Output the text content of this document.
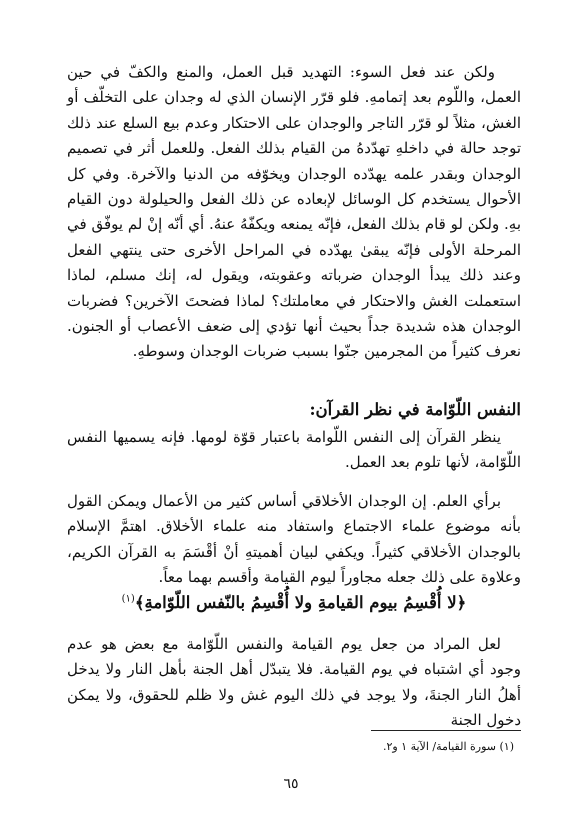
ولكن عند فعل السوء: التهديد قبل العمل، والمنع والكفّ في حين العمل، واللّوم بعد إتمامهِ. فلو قرّر الإنسان الذي له وجدان على التخلّف أو الغش، مثلاً لو قرّر التاجر والوجدان على الاحتكار وعدم بيع السلع عند ذلك توجد حالة في داخلهِ تهدّدهُ من القيام بذلك الفعل. وللعمل أثر في تصميم الوجدان وبقدر علمه يهدّده الوجدان ويخوّفه من الدنيا والآخرة. وفي كل الأحوال يستخدم كل الوسائل لإبعاده عن ذلك الفعل والحيلولة دون القيام بهِ. ولكن لو قام بذلك الفعل، فإنّه يمنعه ويكفّهُ عنهُ. أي أنّه إنْ لم يوفّق في المرحلة الأولى فإنّه يبقىٰ يهدّده في المراحل الأخرى حتى ينتهي الفعل وعند ذلك يبدأ الوجدان ضرباته وعقوبته، ويقول له، إنك مسلم، لماذا استعملت الغش والاحتكار في معاملتك؟ لماذا فضحتَ الآخرين؟ فضربات الوجدان هذه شديدة جداً بحيث أنها تؤدي إلى ضعف الأعصاب أو الجنون. نعرف كثيراً من المجرمين جنّوا بسبب ضربات الوجدان وسوطهِ.

النفس اللّوّامة في نظر القرآن:

ينظر القرآن إلى النفس اللّوامة باعتبار قوّة لومها. فإنه يسميها النفس اللّوّامة، لأنها تلوم بعد العمل.

برأي العلم. إن الوجدان الأخلاقي أساس كثير من الأعمال ويمكن القول بأنه موضوع علماء الاجتماع واستفاد منه علماء الأخلاق. اهتمَّ الإسلام بالوجدان الأخلاقي كثيراً. ويكفي لبيان أهميتهِ أنْ أقْسَمَ به القرآن الكريم، وعلاوة على ذلك جعله مجاوراً ليوم القيامة وأقسم بهما معاً.

﴿لا أُقْسِمُ بيوم القيامةِ ولا أُقْسِمُ بالنّفس اللّوّامةِ﴾$^{(١)}$

لعل المراد من جعل يوم القيامة والنفس اللّوّامة مع بعض هو عدم وجود أي اشتباه في يوم القيامة. فلا يتبدّل أهل الجنة بأهل النار ولا يدخل أهلُ النار الجنةَ، ولا يوجد في ذلك اليوم غش ولا ظلم للحقوق، ولا يمكن دخول الجنة

(١) سورة القيامة/ الآية ١ و٢.
٦٥
